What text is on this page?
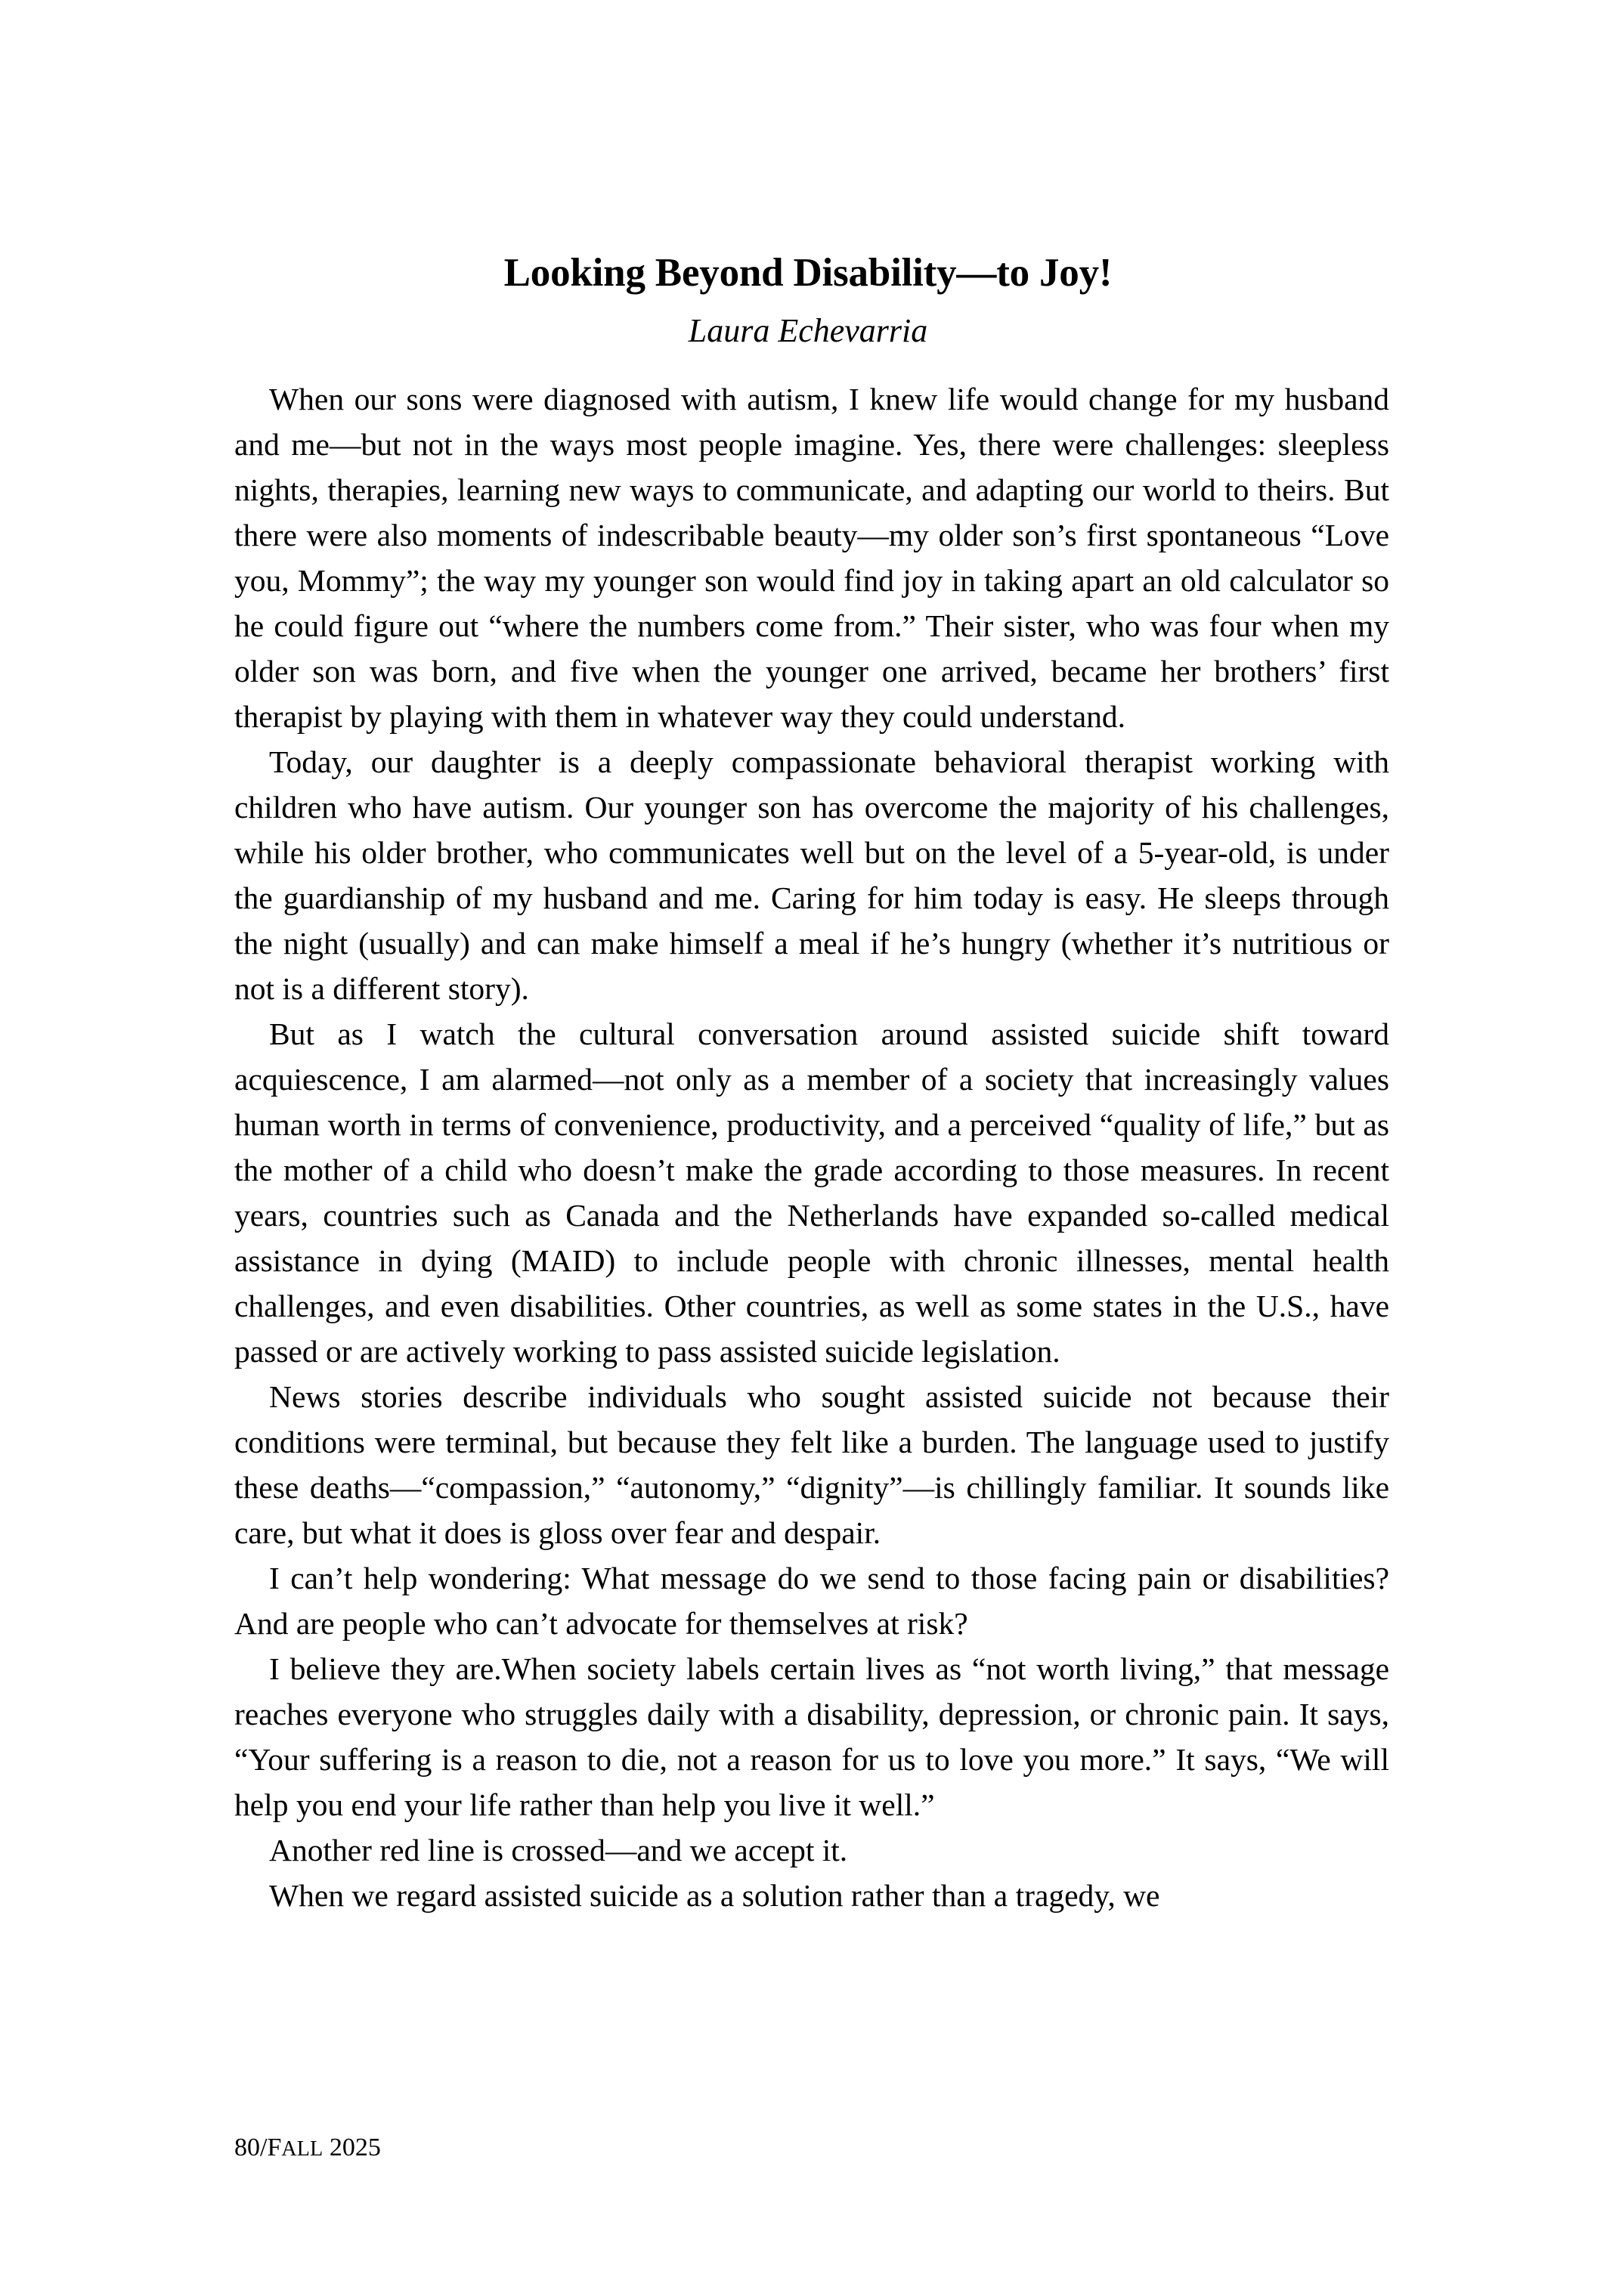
Looking Beyond Disability—to Joy!
Laura Echevarria

When our sons were diagnosed with autism, I knew life would change for my husband and me—but not in the ways most people imagine. Yes, there were challenges: sleepless nights, therapies, learning new ways to communicate, and adapting our world to theirs. But there were also moments of indescribable beauty—my older son’s first spontaneous “Love you, Mommy”; the way my younger son would find joy in taking apart an old calculator so he could figure out “where the numbers come from.” Their sister, who was four when my older son was born, and five when the younger one arrived, became her brothers’ first therapist by playing with them in whatever way they could understand.

Today, our daughter is a deeply compassionate behavioral therapist working with children who have autism. Our younger son has overcome the majority of his challenges, while his older brother, who communicates well but on the level of a 5-year-old, is under the guardianship of my husband and me. Caring for him today is easy. He sleeps through the night (usually) and can make himself a meal if he’s hungry (whether it’s nutritious or not is a different story).

But as I watch the cultural conversation around assisted suicide shift toward acquiescence, I am alarmed—not only as a member of a society that increasingly values human worth in terms of convenience, productivity, and a perceived “quality of life,” but as the mother of a child who doesn’t make the grade according to those measures. In recent years, countries such as Canada and the Netherlands have expanded so-called medical assistance in dying (MAID) to include people with chronic illnesses, mental health challenges, and even disabilities. Other countries, as well as some states in the U.S., have passed or are actively working to pass assisted suicide legislation.

News stories describe individuals who sought assisted suicide not because their conditions were terminal, but because they felt like a burden. The language used to justify these deaths—“compassion,” “autonomy,” “dignity”—is chillingly familiar. It sounds like care, but what it does is gloss over fear and despair.

I can’t help wondering: What message do we send to those facing pain or disabilities? And are people who can’t advocate for themselves at risk?

I believe they are.When society labels certain lives as “not worth living,” that message reaches everyone who struggles daily with a disability, depression, or chronic pain. It says, “Your suffering is a reason to die, not a reason for us to love you more.” It says, “We will help you end your life rather than help you live it well.”

Another red line is crossed—and we accept it.

When we regard assisted suicide as a solution rather than a tragedy, we

80/FALL 2025
